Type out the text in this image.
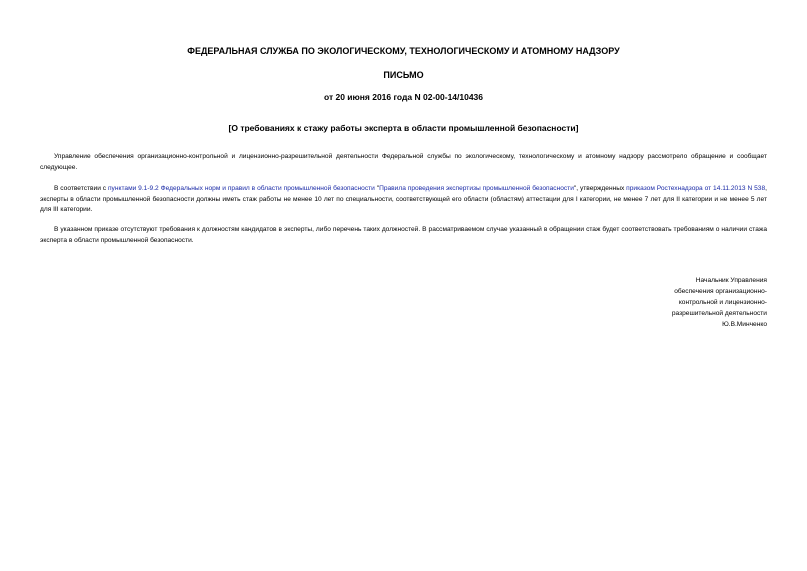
ФЕДЕРАЛЬНАЯ СЛУЖБА ПО ЭКОЛОГИЧЕСКОМУ, ТЕХНОЛОГИЧЕСКОМУ И АТОМНОМУ НАДЗОРУ
ПИСЬМО
от 20 июня 2016 года N 02-00-14/10436
[О требованиях к стажу работы эксперта в области промышленной безопасности]

Управление обеспечения организационно-контрольной и лицензионно-разрешительной деятельности Федеральной службы по экологическому, технологическому и атомному надзору рассмотрело обращение и сообщает следующее.

В соответствии с пунктами 9.1-9.2 Федеральных норм и правил в области промышленной безопасности "Правила проведения экспертизы промышленной безопасности", утвержденных приказом Ростехнадзора от 14.11.2013 N 538, эксперты в области промышленной безопасности должны иметь стаж работы не менее 10 лет по специальности, соответствующей его области (областям) аттестации для I категории, не менее 7 лет для II категории и не менее 5 лет для III категории.

В указанном приказе отсутствуют требования к должностям кандидатов в эксперты, либо перечень таких должностей. В рассматриваемом случае указанный в обращении стаж будет соответствовать требованиям о наличии стажа эксперта в области промышленной безопасности.

Начальник Управления
обеспечения организационно-
контрольной и лицензионно-
разрешительной деятельности
Ю.В.Минченко
